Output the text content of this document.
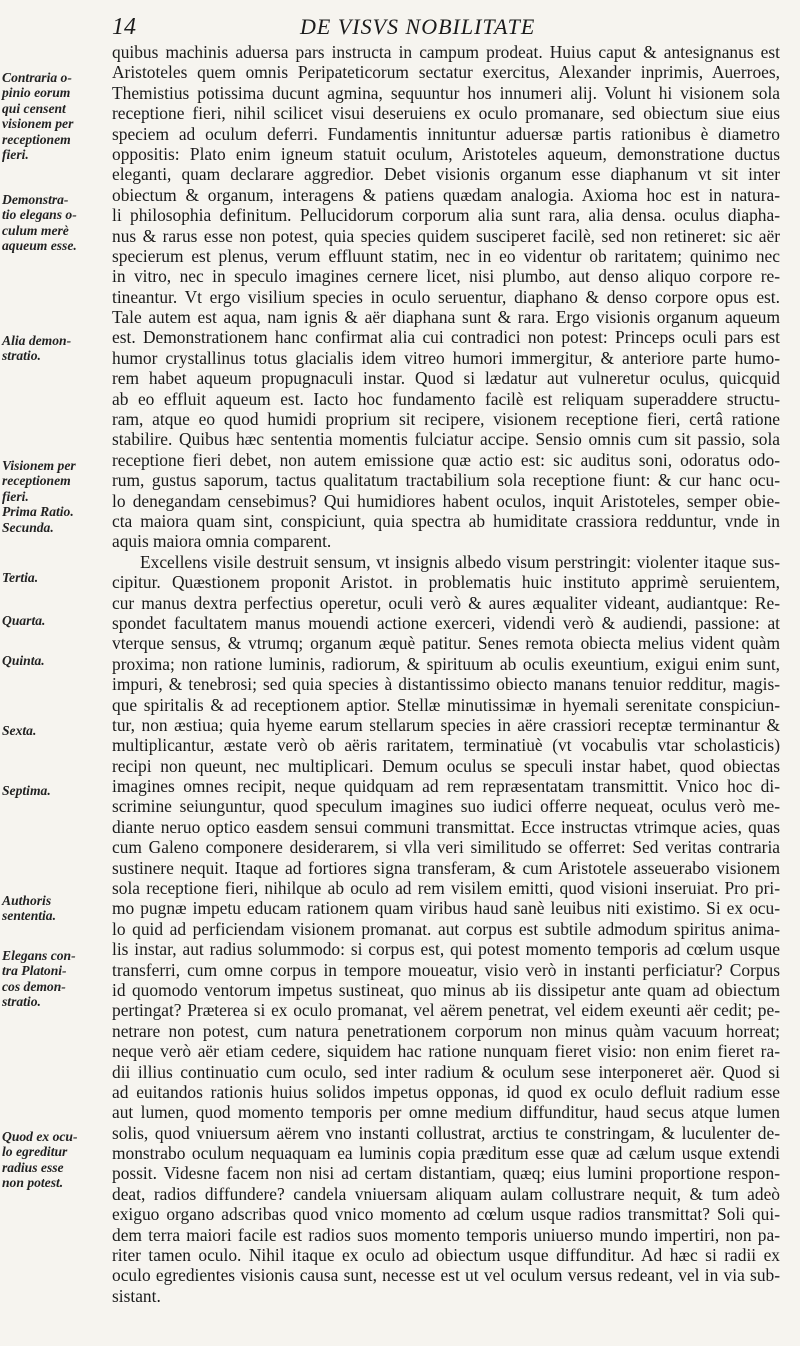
14	DE VISVS NOBILITATE
quibus machinis aduersa pars instructa in campum prodeat. Huius caput & antesignanus est
Aristoteles quem omnis Peripateticorum sectatur exercitus, Alexander inprimis, Auerroes,
Themistius potissima ducunt agmina, sequuntur hos innumeri alij. Volunt hi visionem sola
receptione fieri, nihil scilicet visui deseruiens ex oculo promanare, sed obiectum siue eius
speciem ad oculum deferri. Fundamentis innituntur aduersæ partis rationibus è diametro
oppositis: Plato enim igneum statuit oculum, Aristoteles aqueum, demonstratione ductus
eleganti, quam declarare aggredior. Debet visionis organum esse diaphanum vt sit inter
obiectum & organum, interagens & patiens quædam analogia. Axioma hoc est in natura-
li philosophia definitum. Pellucidorum corporum alia sunt rara, alia densa. oculus diapha-
nus & rarus esse non potest, quia species quidem susciperet facilè, sed non retineret: sic aër
specierum est plenus, verum effluunt statim, nec in eo videntur ob raritatem; quinimo nec
in vitro, nec in speculo imagines cernere licet, nisi plumbo, aut denso aliquo corpore re-
tineantur. Vt ergo visilium species in oculo seruentur, diaphano & denso corpore opus est.
Tale autem est aqua, nam ignis & aër diaphana sunt & rara. Ergo visionis organum aqueum
est. Demonstrationem hanc confirmat alia cui contradici non potest: Princeps oculi pars est
humor crystallinus totus glacialis idem vitreo humori immergitur, & anteriore parte humo-
rem habet aqueum propugnaculi instar. Quod si lædatur aut vulneretur oculus, quicquid
ab eo effluit aqueum est. Iacto hoc fundamento facilè est reliquam superaddere structu-
ram, atque eo quod humidi proprium sit recipere, visionem receptione fieri, certâ ratione
stabilire. Quibus hæc sententia momentis fulciatur accipe. Sensio omnis cum sit passio, sola
receptione fieri debet, non autem emissione quæ actio est: sic auditus soni, odoratus odo-
rum, gustus saporum, tactus qualitatum tractabilium sola receptione fiunt: & cur hanc ocu-
lo denegandam censebimus? Qui humidiores habent oculos, inquit Aristoteles, semper obie-
cta maiora quam sint, conspiciunt, quia spectra ab humiditate crassiora redduntur, vnde in
aquis maiora omnia comparent.
Excellens visile destruit sensum, vt insignis albedo visum perstringit: violenter itaque sus-
cipitur. Quæstionem proponit Aristot. in problematis huic instituto apprimè seruientem,
cur manus dextra perfectius operetur, oculi verò & aures æqualiter videant, audiantque: Re-
spondet facultatem manus mouendi actione exerceri, videndi verò & audiendi, passione: at
vterque sensus, & vtrumq; organum æquè patitur. Senes remota obiecta melius vident quàm
proxima; non ratione luminis, radiorum, & spirituum ab oculis exeuntium, exigui enim sunt,
impuri, & tenebrosi; sed quia species à distantissimo obiecto manans tenuior redditur, magis-
que spiritalis & ad receptionem aptior. Stellæ minutissimæ in hyemali serenitate conspiciun-
tur, non æstiua; quia hyeme earum stellarum species in aëre crassiori receptæ terminantur &
multiplicantur, æstate verò ob aëris raritatem, terminatiuè (vt vocabulis vtar scholasticis)
recipi non queunt, nec multiplicari. Demum oculus se speculi instar habet, quod obiectas
imagines omnes recipit, neque quidquam ad rem repræsentatam transmittit. Vnico hoc di-
scrimine seiunguntur, quod speculum imagines suo iudici offerre nequeat, oculus verò me-
diante neruo optico easdem sensui communi transmittat. Ecce instructas vtrimque acies, quas
cum Galeno componere desiderarem, si vlla veri similitudo se offerret: Sed veritas contraria
sustinere nequit. Itaque ad fortiores signa transferam, & cum Aristotele asseuerabo visionem
sola receptione fieri, nihilque ab oculo ad rem visilem emitti, quod visioni inseruiat. Pro pri-
mo pugnæ impetu educam rationem quam viribus haud sanè leuibus niti existimo. Si ex ocu-
lo quid ad perficiendam visionem promanat. aut corpus est subtile admodum spiritus anima-
lis instar, aut radius solummodo: si corpus est, qui potest momento temporis ad cœlum usque
transferri, cum omne corpus in tempore moueatur, visio verò in instanti perficiatur? Corpus
id quomodo ventorum impetus sustineat, quo minus ab iis dissipetur ante quam ad obiectum
pertingat? Præterea si ex oculo promanat, vel aërem penetrat, vel eidem exeunti aër cedit; pe-
netrare non potest, cum natura penetrationem corporum non minus quàm vacuum horreat;
neque verò aër etiam cedere, siquidem hac ratione nunquam fieret visio: non enim fieret ra-
dii illius continuatio cum oculo, sed inter radium & oculum sese interponeret aër. Quod si
ad euitandos rationis huius solidos impetus opponas, id quod ex oculo defluit radium esse
aut lumen, quod momento temporis per omne medium diffunditur, haud secus atque lumen
solis, quod vniuersum aërem vno instanti collustrat, arctius te constringam, & luculenter de-
monstrabo oculum nequaquam ea luminis copia præditum esse quæ ad cælum usque extendi
possit. Videsne facem non nisi ad certam distantiam, quæq; eius lumini proportione respon-
deat, radios diffundere? candela vniuersam aliquam aulam collustrare nequit, & tum adeò
exiguo organo adscribas quod vnico momento ad cœlum usque radios transmittat? Soli qui-
dem terra maiori facile est radios suos momento temporis uniuerso mundo impertiri, non pa-
riter tamen oculo. Nihil itaque ex oculo ad obiectum usque diffunditur. Ad hæc si radii ex
oculo egredientes visionis causa sunt, necesse est ut vel oculum versus redeant, vel in via sub-
sistant.
Contraria o-
pinio eorum
qui censent
visionem per
receptionem
fieri.
Demonstra-
tio elegans o-
culum merè
aqueum esse.
Alia demon-
stratio.
Visionem per
receptionem
fieri.
Prima Ratio.
Secunda.
Tertia.
Quarta.
Quinta.
Sexta.
Septima.
Authoris
sententia.
Elegans con-
tra Platoni-
cos demon-
stratio.
Quod ex ocu-
lo egreditur
radius esse
non potest.
